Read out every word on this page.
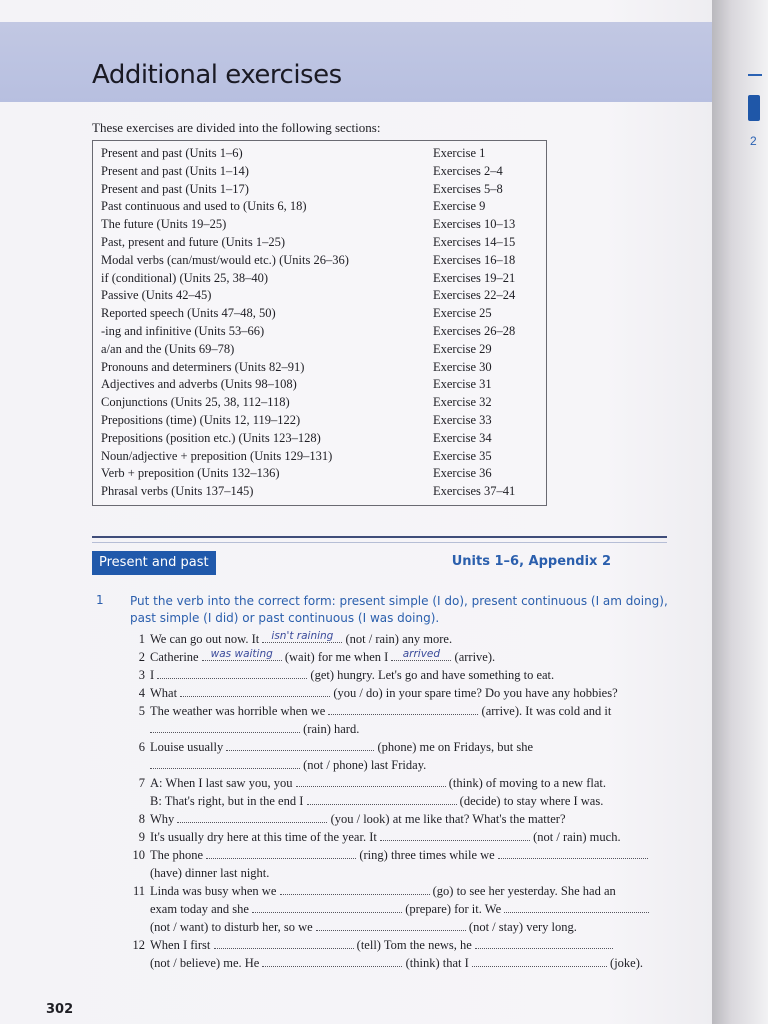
Additional exercises
These exercises are divided into the following sections:
Present and past (Units 1–6)	Exercise 1
Present and past (Units 1–14)	Exercises 2–4
Present and past (Units 1–17)	Exercises 5–8
Past continuous and used to (Units 6, 18)	Exercise 9
The future (Units 19–25)	Exercises 10–13
Past, present and future (Units 1–25)	Exercises 14–15
Modal verbs (can/must/would etc.) (Units 26–36)	Exercises 16–18
if (conditional) (Units 25, 38–40)	Exercises 19–21
Passive (Units 42–45)	Exercises 22–24
Reported speech (Units 47–48, 50)	Exercise 25
-ing and infinitive (Units 53–66)	Exercises 26–28
a/an and the (Units 69–78)	Exercise 29
Pronouns and determiners (Units 82–91)	Exercise 30
Adjectives and adverbs (Units 98–108)	Exercise 31
Conjunctions (Units 25, 38, 112–118)	Exercise 32
Prepositions (time) (Units 12, 119–122)	Exercise 33
Prepositions (position etc.) (Units 123–128)	Exercise 34
Noun/adjective + preposition (Units 129–131)	Exercise 35
Verb + preposition (Units 132–136)	Exercise 36
Phrasal verbs (Units 137–145)	Exercises 37–41
Present and past	Units 1–6, Appendix 2
1 Put the verb into the correct form: present simple (I do), present continuous (I am doing), past simple (I did) or past continuous (I was doing).
1 We can go out now. It isn't raining (not / rain) any more.
2 Catherine was waiting (wait) for me when I	arrived (arrive).
3 I	(get) hungry. Let's go and have something to eat.
4 What	(you / do) in your spare time? Do you have any hobbies?
5 The weather was horrible when we	(arrive). It was cold and it
(rain) hard.
6 Louise usually	(phone) me on Fridays, but she
(not / phone) last Friday.
7 A: When I last saw you, you	(think) of moving to a new flat.
B: That's right, but in the end I	(decide) to stay where I was.
8 Why	(you / look) at me like that? What's the matter?
9 It's usually dry here at this time of the year. It	(not / rain) much.
10 The phone	(ring) three times while we
(have) dinner last night.
11 Linda was busy when we	(go) to see her yesterday. She had an
exam today and she	(prepare) for it. We
(not / want) to disturb her, so we	(not / stay) very long.
12 When I first	(tell) Tom the news, he
(not / believe) me. He	(think) that I	(joke).
302
2
